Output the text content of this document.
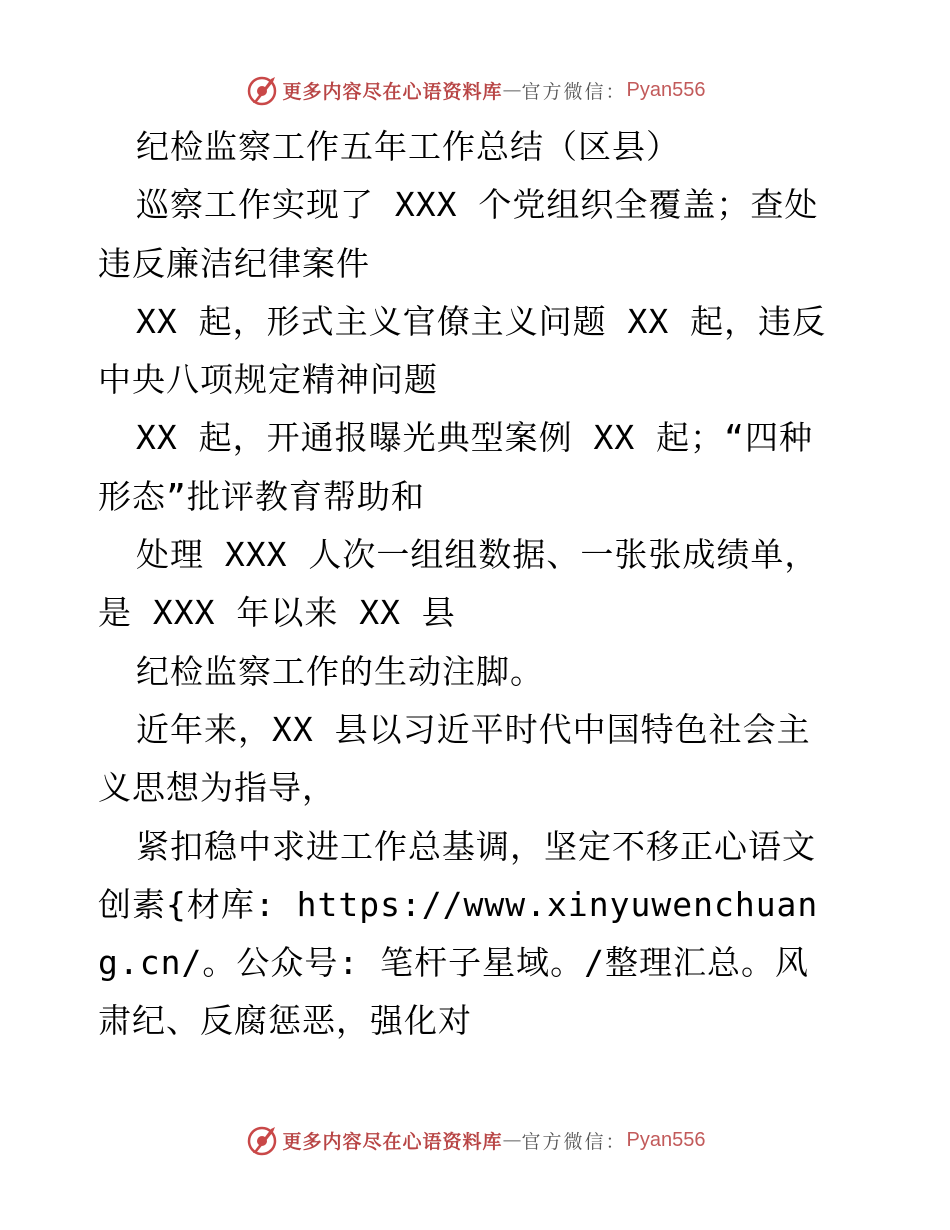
更多内容尽在心语资料库 — 官方微信： Pyan556

纪检监察工作五年工作总结（区县）

巡察工作实现了 XXX 个党组织全覆盖；查处违反廉洁纪律案件

XX 起，形式主义官僚主义问题 XX 起，违反中央八项规定精神问题

XX 起，开通报曝光典型案例 XX 起；“四种形态”批评教育帮助和

处理 XXX 人次一组组数据、一张张成绩单，是 XXX 年以来 XX 县

纪检监察工作的生动注脚。

近年来，XX 县以习近平时代中国特色社会主义思想为指导，

紧扣稳中求进工作总基调，坚定不移正心语文创素{材库: https://www.xinyuwenchuang.cn/。公众号: 笔杆子星域。/整理汇总。风肃纪、反腐惩恶，强化对

更多内容尽在心语资料库 — 官方微信： Pyan556
